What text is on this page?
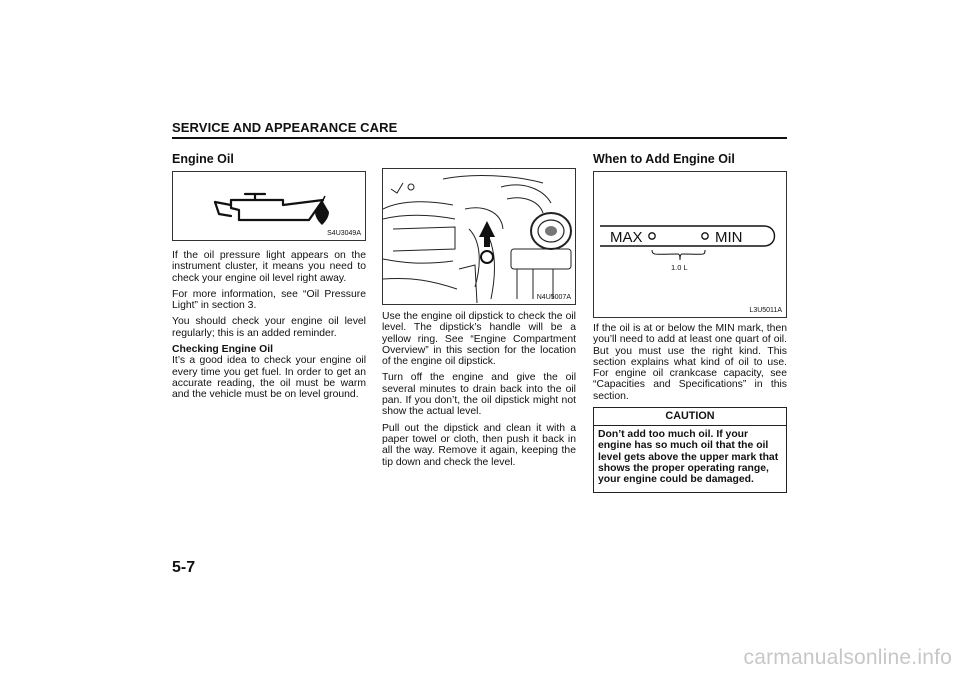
SERVICE AND APPEARANCE CARE
Engine Oil
S4U3049A

If the oil pressure light appears on the instrument cluster, it means you need to check your engine oil level right away.

For more information, see “Oil Pressure Light” in section 3.

You should check your engine oil level regularly; this is an added reminder.

Checking Engine Oil

It’s a good idea to check your engine oil every time you get fuel. In order to get an accurate reading, the oil must be warm and the vehicle must be on level ground.

N4U5007A

Use the engine oil dipstick to check the oil level. The dipstick’s handle will be a yellow ring. See “Engine Compartment Overview” in this section for the location of the engine oil dipstick.

Turn off the engine and give the oil several minutes to drain back into the oil pan. If you don’t, the oil dipstick might not show the actual level.

Pull out the dipstick and clean it with a paper towel or cloth, then push it back in all the way. Remove it again, keeping the tip down and check the level.

When to Add Engine Oil
MAX	MIN
1.0 L
L3U5011A

If the oil is at or below the MIN mark, then you’ll need to add at least one quart of oil. But you must use the right kind. This section explains what kind of oil to use. For engine oil crankcase capacity, see “Capacities and Specifications” in this section.

CAUTION
Don’t add too much oil. If your engine has so much oil that the oil level gets above the upper mark that shows the proper operating range, your engine could be damaged.
5-7
carmanualsonline.info
